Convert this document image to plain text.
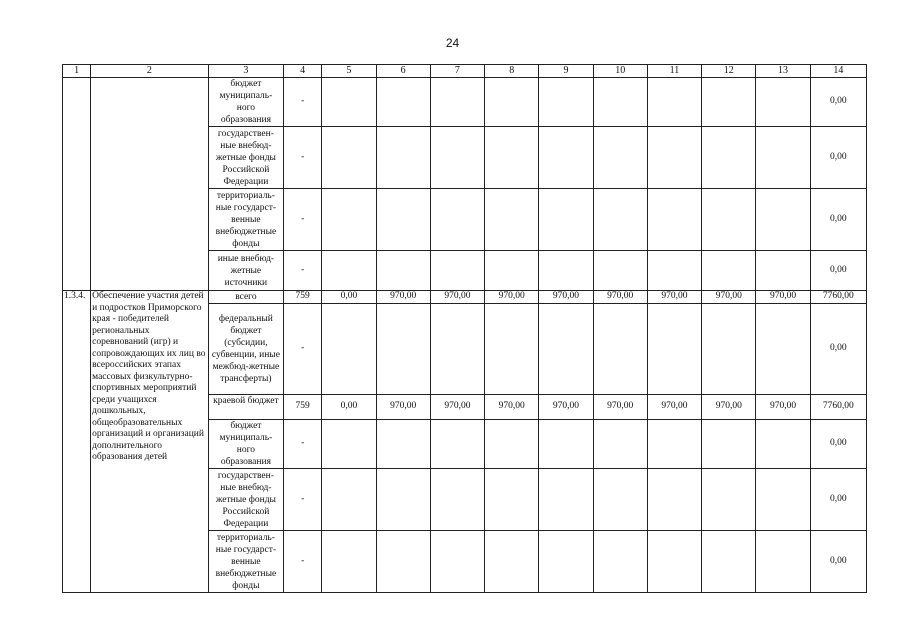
24
1	2	3	4	5	6	7	8	9	10	11	12	13	14
		бюджет муниципаль-ного образования	-										0,00
		государствен-ные внебюд-жетные фонды Российской Федерации	-										0,00
		территориаль-ные государст-венные внебюджетные фонды	-										0,00
		иные внебюд-жетные источники	-										0,00
1.3.4.	Обеспечение участия детей и подростков Приморского края - победителей региональных соревнований (игр) и сопровождающих их лиц во всероссийских этапах массовых физкультурно-спортивных мероприятий среди учащихся дошкольных, общеобразовательных организаций и организаций дополнительного образования детей	всего	759	0,00	970,00	970,00	970,00	970,00	970,00	970,00	970,00	970,00	7760,00
		федеральный бюджет (субсидии, субвенции, иные межбюд-жетные трансферты)	-										0,00
		краевой бюджет	759	0,00	970,00	970,00	970,00	970,00	970,00	970,00	970,00	970,00	7760,00
		бюджет муниципаль-ного образования	-										0,00
		государствен-ные внебюд-жетные фонды Российской Федерации	-										0,00
		территориаль-ные государст-венные внебюджетные фонды	-										0,00
